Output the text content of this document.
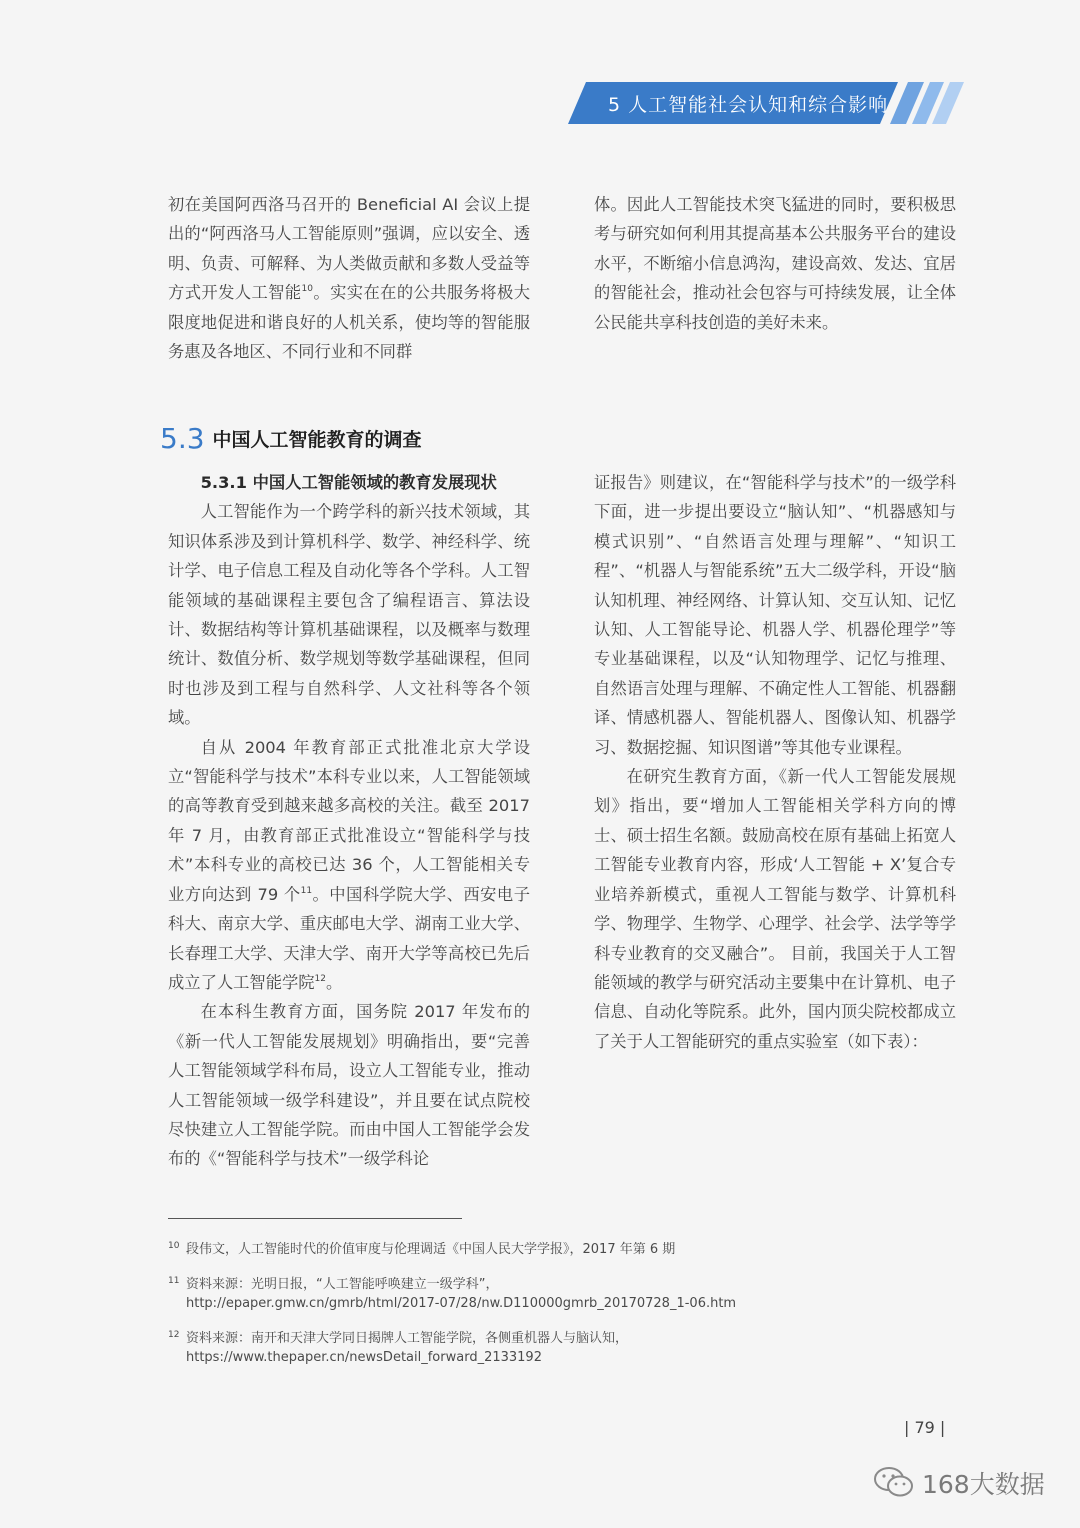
5 人工智能社会认知和综合影响

初在美国阿西洛马召开的 Beneficial AI 会议上提出的“阿西洛马人工智能原则”强调，应以安全、透明、负责、可解释、为人类做贡献和多数人受益等方式开发人工智能$^{10}$。实实在在的公共服务将极大限度地促进和谐良好的人机关系，使均等的智能服务惠及各地区、不同行业和不同群

体。因此人工智能技术突飞猛进的同时，要积极思考与研究如何利用其提高基本公共服务平台的建设水平，不断缩小信息鸿沟，建设高效、发达、宜居的智能社会，推动社会包容与可持续发展，让全体公民能共享科技创造的美好未来。

5.3 中国人工智能教育的调查

5.3.1 中国人工智能领域的教育发展现状

人工智能作为一个跨学科的新兴技术领域，其知识体系涉及到计算机科学、数学、神经科学、统计学、电子信息工程及自动化等各个学科。人工智能领域的基础课程主要包含了编程语言、算法设计、数据结构等计算机基础课程，以及概率与数理统计、数值分析、数学规划等数学基础课程，但同时也涉及到工程与自然科学、人文社科等各个领域。

自从 2004 年教育部正式批准北京大学设立“智能科学与技术”本科专业以来，人工智能领域的高等教育受到越来越多高校的关注。截至 2017 年 7 月，由教育部正式批准设立“智能科学与技术”本科专业的高校已达 36 个，人工智能相关专业方向达到 79 个$^{11}$。中国科学院大学、西安电子科大、南京大学、重庆邮电大学、湖南工业大学、长春理工大学、天津大学、南开大学等高校已先后成立了人工智能学院$^{12}$。

在本科生教育方面，国务院 2017 年发布的《新一代人工智能发展规划》明确指出，要“完善人工智能领域学科布局，设立人工智能专业，推动人工智能领域一级学科建设”，并且要在试点院校尽快建立人工智能学院。而由中国人工智能学会发布的《“智能科学与技术”一级学科论

证报告》则建议，在“智能科学与技术”的一级学科下面，进一步提出要设立“脑认知”、“机器感知与模式识别”、“自然语言处理与理解”、“知识工程”、“机器人与智能系统”五大二级学科，开设“脑认知机理、神经网络、计算认知、交互认知、记忆认知、人工智能导论、机器人学、机器伦理学”等专业基础课程，以及“认知物理学、记忆与推理、自然语言处理与理解、不确定性人工智能、机器翻译、情感机器人、智能机器人、图像认知、机器学习、数据挖掘、知识图谱”等其他专业课程。

在研究生教育方面，《新一代人工智能发展规划》指出，要“增加人工智能相关学科方向的博士、硕士招生名额。鼓励高校在原有基础上拓宽人工智能专业教育内容，形成‘人工智能 + X’复合专业培养新模式，重视人工智能与数学、计算机科学、物理学、生物学、心理学、社会学、法学等学科专业教育的交叉融合”。 目前，我国关于人工智能领域的教学与研究活动主要集中在计算机、电子信息、自动化等院系。此外，国内顶尖院校都成立了关于人工智能研究的重点实验室（如下表）：

10 段伟文，人工智能时代的价值审度与伦理调适《中国人民大学学报》，2017 年第 6 期
11 资料来源：光明日报，“人工智能呼唤建立一级学科”，
http://epaper.gmw.cn/gmrb/html/2017-07/28/nw.D110000gmrb_20170728_1-06.htm
12 资料来源：南开和天津大学同日揭牌人工智能学院，各侧重机器人与脑认知，
https://www.thepaper.cn/newsDetail_forward_2133192
| 79 |
168大数据
